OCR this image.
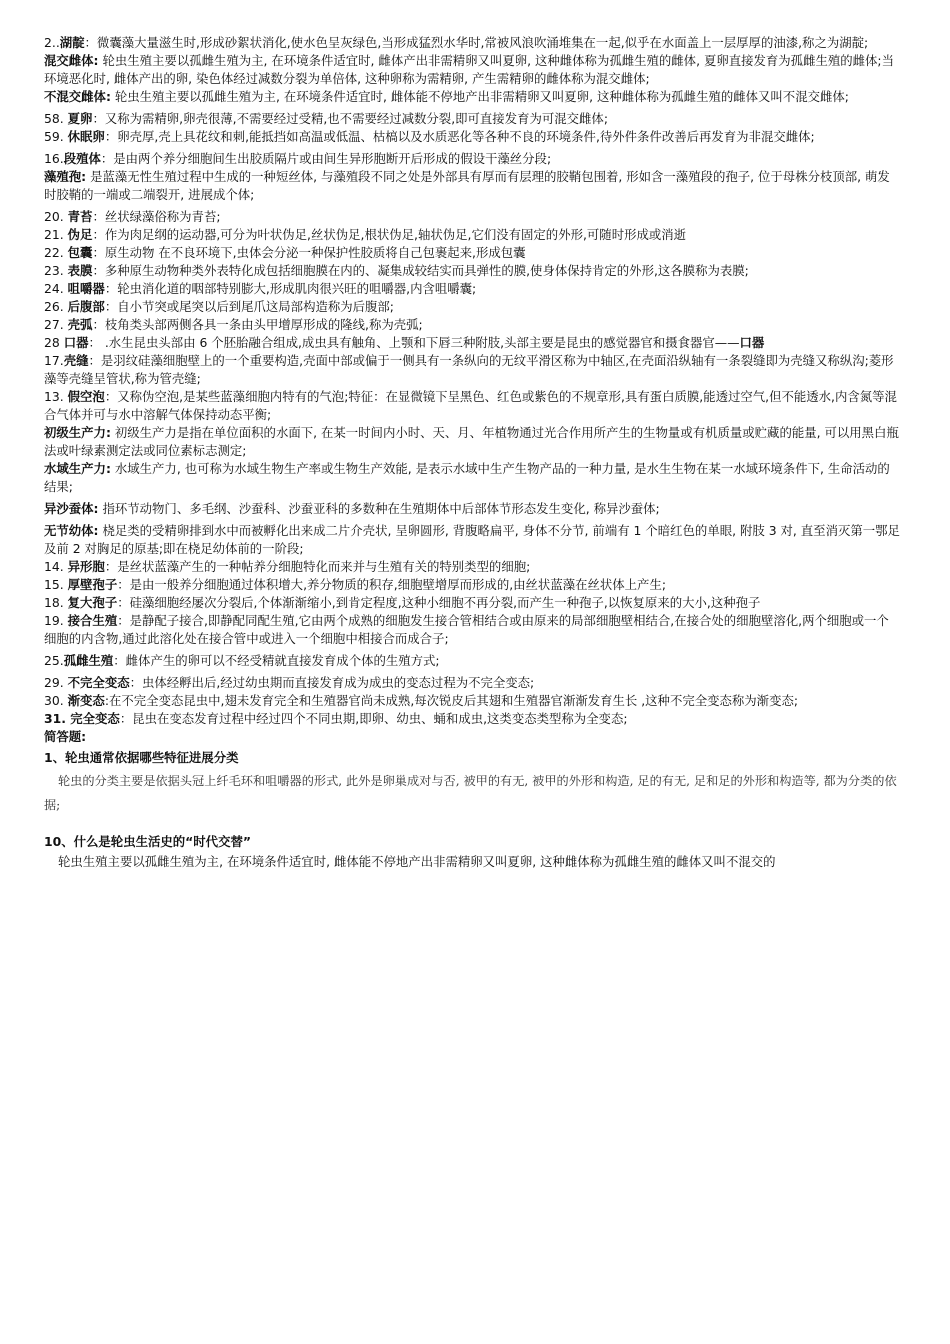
2..湖靛：微囊藻大量滋生时,形成砂絮状消化,使水色呈灰绿色,当形成猛烈水华时,常被风浪吹涌堆集在一起,似乎在水面盖上一层厚厚的油漆,称之为湖靛;

混交雌体: 轮虫生殖主要以孤雌生殖为主, 在环境条件适宜时, 雌体产出非需精卵又叫夏卵, 这种雌体称为孤雌生殖的雌体, 夏卵直接发育为孤雌生殖的雌体;当环境恶化时, 雌体产出的卵, 染色体经过减数分裂为单倍体, 这种卵称为需精卵, 产生需精卵的雌体称为混交雌体;

不混交雌体: 轮虫生殖主要以孤雌生殖为主, 在环境条件适宜时, 雌体能不停地产出非需精卵又叫夏卵, 这种雌体称为孤雌生殖的雌体又叫不混交雌体;

58. 夏卵：又称为需精卵,卵壳很薄,不需要经过受精,也不需要经过减数分裂,即可直接发育为可混交雌体;

59. 休眠卵：卵壳厚,壳上具花纹和刺,能抵挡如高温或低温、枯槁以及水质恶化等各种不良的环境条件,待外件条件改善后再发育为非混交雌体;

16.段殖体：是由两个养分细胞间生出胶质隔片或由间生异形胞断开后形成的假设干藻丝分段;

藻殖孢: 是蓝藻无性生殖过程中生成的一种短丝体, 与藻殖段不同之处是外部具有厚而有层理的胶鞘包围着, 形如含一藻殖段的孢子, 位于母株分枝顶部, 萌发时胶鞘的一端或二端裂开, 进展成个体;

20. 青苔：丝状绿藻俗称为青苔;

21. 伪足：作为肉足纲的运动器,可分为叶状伪足,丝状伪足,根状伪足,轴状伪足,它们没有固定的外形,可随时形成或消逝

22. 包囊：原生动物 在不良环境下,虫体会分泌一种保护性胶质将自己包裹起来,形成包囊

23. 表膜：多种原生动物种类外表特化成包括细胞膜在内的、凝集成较结实而具弹性的膜,使身体保持肯定的外形,这各膜称为表膜;

24. 咀嚼器：轮虫消化道的咽部特别膨大,形成肌肉很兴旺的咀嚼器,内含咀嚼囊;

26. 后腹部：自小节突或尾突以后到尾爪这局部构造称为后腹部;

27. 壳弧：枝角类头部两侧各具一条由头甲增厚形成的隆线,称为壳弧;

28 口器： .水生昆虫头部由 6 个胚胎融合组成,成虫具有触角、上颚和下唇三种附肢,头部主要是昆虫的感觉器官和摄食器官——口器

17.壳缝：是羽纹硅藻细胞壁上的一个重要构造,壳面中部或偏于一侧具有一条纵向的无纹平滑区称为中轴区,在壳面沿纵轴有一条裂缝即为壳缝又称纵沟;菱形藻等壳缝呈管状,称为管壳缝;

13. 假空泡：又称伪空泡,是某些蓝藻细胞内特有的气泡;特征：在显微镜下呈黑色、红色或紫色的不规章形,具有蛋白质膜,能透过空气,但不能透水,内含氮等混合气体并可与水中溶解气体保持动态平衡;

初级生产力: 初级生产力是指在单位面积的水面下, 在某一时间内小时、天、月、年植物通过光合作用所产生的生物量或有机质量或贮藏的能量, 可以用黑白瓶法或叶绿素测定法或同位素标志测定;

水域生产力: 水域生产力, 也可称为水域生物生产率或生物生产效能, 是表示水域中生产生物产品的一种力量, 是水生生物在某一水域环境条件下, 生命活动的结果;

异沙蚕体: 指环节动物门、多毛纲、沙蚕科、沙蚕亚科的多数种在生殖期体中后部体节形态发生变化, 称异沙蚕体;

无节幼体: 桡足类的受精卵排到水中而被孵化出来成二片介壳状, 呈卵圆形, 背腹略扁平, 身体不分节, 前端有 1 个暗红色的单眼, 附肢 3 对, 直至消灭第一鄂足及前 2 对胸足的原基;即在桡足幼体前的一阶段;

14. 异形胞：是丝状蓝藻产生的一种帖养分细胞特化而来并与生殖有关的特别类型的细胞;

15. 厚壁孢子：是由一般养分细胞通过体积增大,养分物质的积存,细胞壁增厚而形成的,由丝状蓝藻在丝状体上产生;

18. 复大孢子：硅藻细胞经屡次分裂后,个体渐渐缩小,到肯定程度,这种小细胞不再分裂,而产生一种孢子,以恢复原来的大小,这种孢子

19. 接合生殖：是静配子接合,即静配同配生殖,它由两个成熟的细胞发生接合管相结合或由原来的局部细胞壁相结合,在接合处的细胞壁溶化,两个细胞或一个细胞的内含物,通过此溶化处在接合管中或进入一个细胞中相接合而成合子;

25.孤雌生殖：雌体产生的卵可以不经受精就直接发育成个体的生殖方式;

29. 不完全变态：虫体经孵出后,经过幼虫期而直接发育成为成虫的变态过程为不完全变态;

30. 渐变态:在不完全变态昆虫中,翅未发育完全和生殖器官尚未成熟,每次锐皮后其翅和生殖器官渐渐发育生长 ,这种不完全变态称为渐变态;

31. 完全变态：昆虫在变态发育过程中经过四个不同虫期,即卵、幼虫、蛹和成虫,这类变态类型称为全变态;

简答题:
1、轮虫通常依据哪些特征进展分类
轮虫的分类主要是依据头冠上纤毛环和咀嚼器的形式, 此外是卵巢成对与否, 被甲的有无, 被甲的外形和构造, 足的有无, 足和足的外形和构造等, 都为分类的依据;
10、什么是轮虫生活史的“时代交替”
轮虫生殖主要以孤雌生殖为主, 在环境条件适宜时, 雌体能不停地产出非需精卵又叫夏卵, 这种雌体称为孤雌生殖的雌体又叫不混交的
